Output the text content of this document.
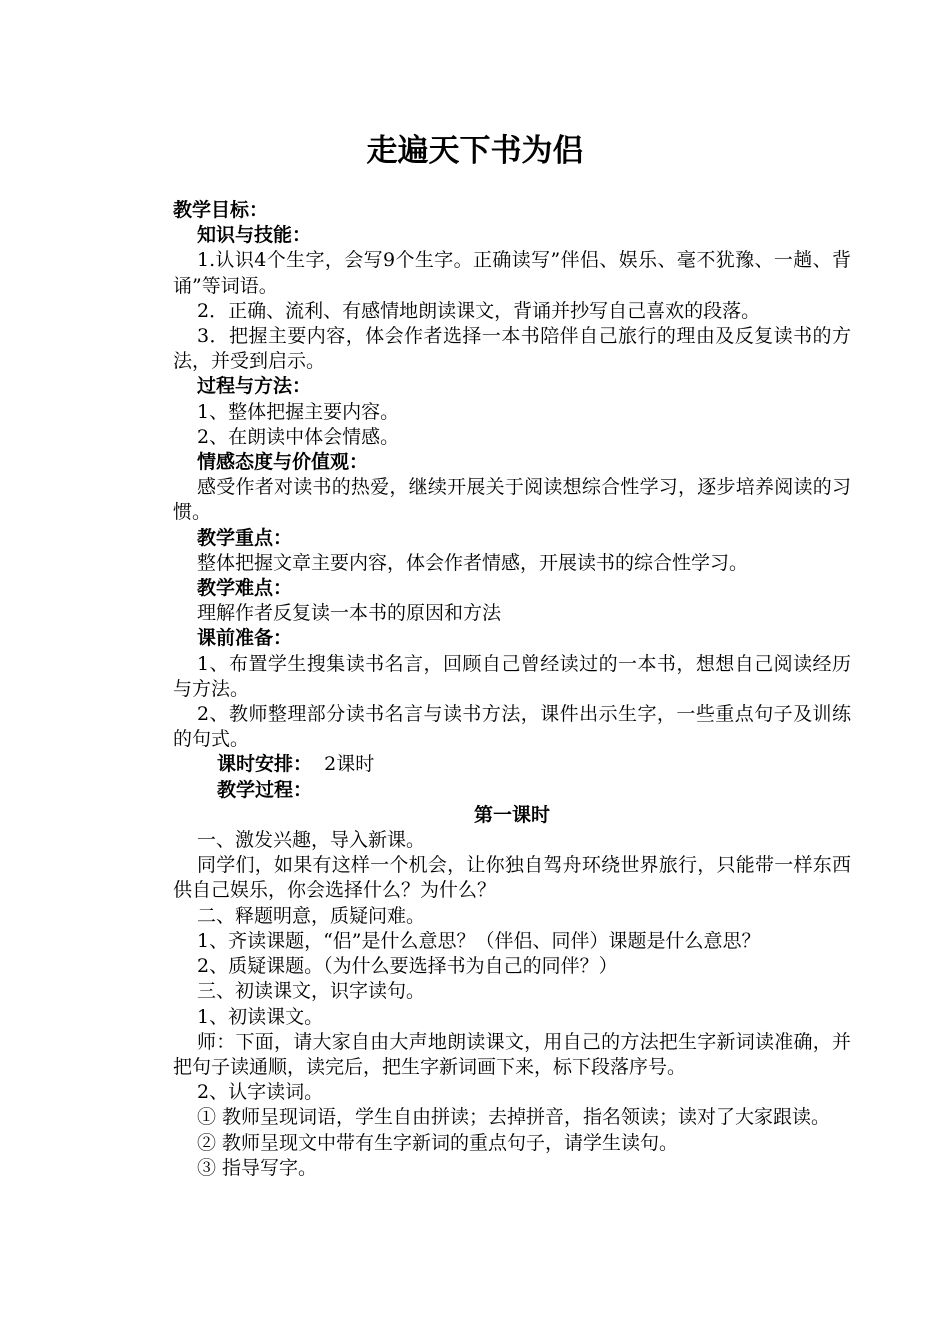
走遍天下书为侣

教学目标：

知识与技能：

1.认识4个生字，会写9个生字。正确读写”伴侣、娱乐、毫不犹豫、一趟、背诵”等词语。

2．正确、流利、有感情地朗读课文，背诵并抄写自己喜欢的段落。

3．把握主要内容，体会作者选择一本书陪伴自己旅行的理由及反复读书的方法，并受到启示。

过程与方法：

1、整体把握主要内容。

2、在朗读中体会情感。

情感态度与价值观：

感受作者对读书的热爱，继续开展关于阅读想综合性学习，逐步培养阅读的习惯。

教学重点：

整体把握文章主要内容，体会作者情感，开展读书的综合性学习。

教学难点：

理解作者反复读一本书的原因和方法

课前准备：

1、布置学生搜集读书名言，回顾自己曾经读过的一本书，想想自己阅读经历与方法。

2、教师整理部分读书名言与读书方法，课件出示生字，一些重点句子及训练的句式。

课时安排： 2课时

教学过程：

第一课时

一、激发兴趣，导入新课。

同学们，如果有这样一个机会，让你独自驾舟环绕世界旅行，只能带一样东西供自己娱乐，你会选择什么？为什么？

二、释题明意，质疑问难。

1、齐读课题，“侣”是什么意思？（伴侣、同伴）课题是什么意思？

2、质疑课题。（为什么要选择书为自己的同伴？）

三、初读课文，识字读句。

1、初读课文。

师：下面，请大家自由大声地朗读课文，用自己的方法把生字新词读准确，并把句子读通顺，读完后，把生字新词画下来，标下段落序号。

2、认字读词。

① 教师呈现词语，学生自由拼读；去掉拼音，指名领读；读对了大家跟读。

② 教师呈现文中带有生字新词的重点句子，请学生读句。

③ 指导写字。
